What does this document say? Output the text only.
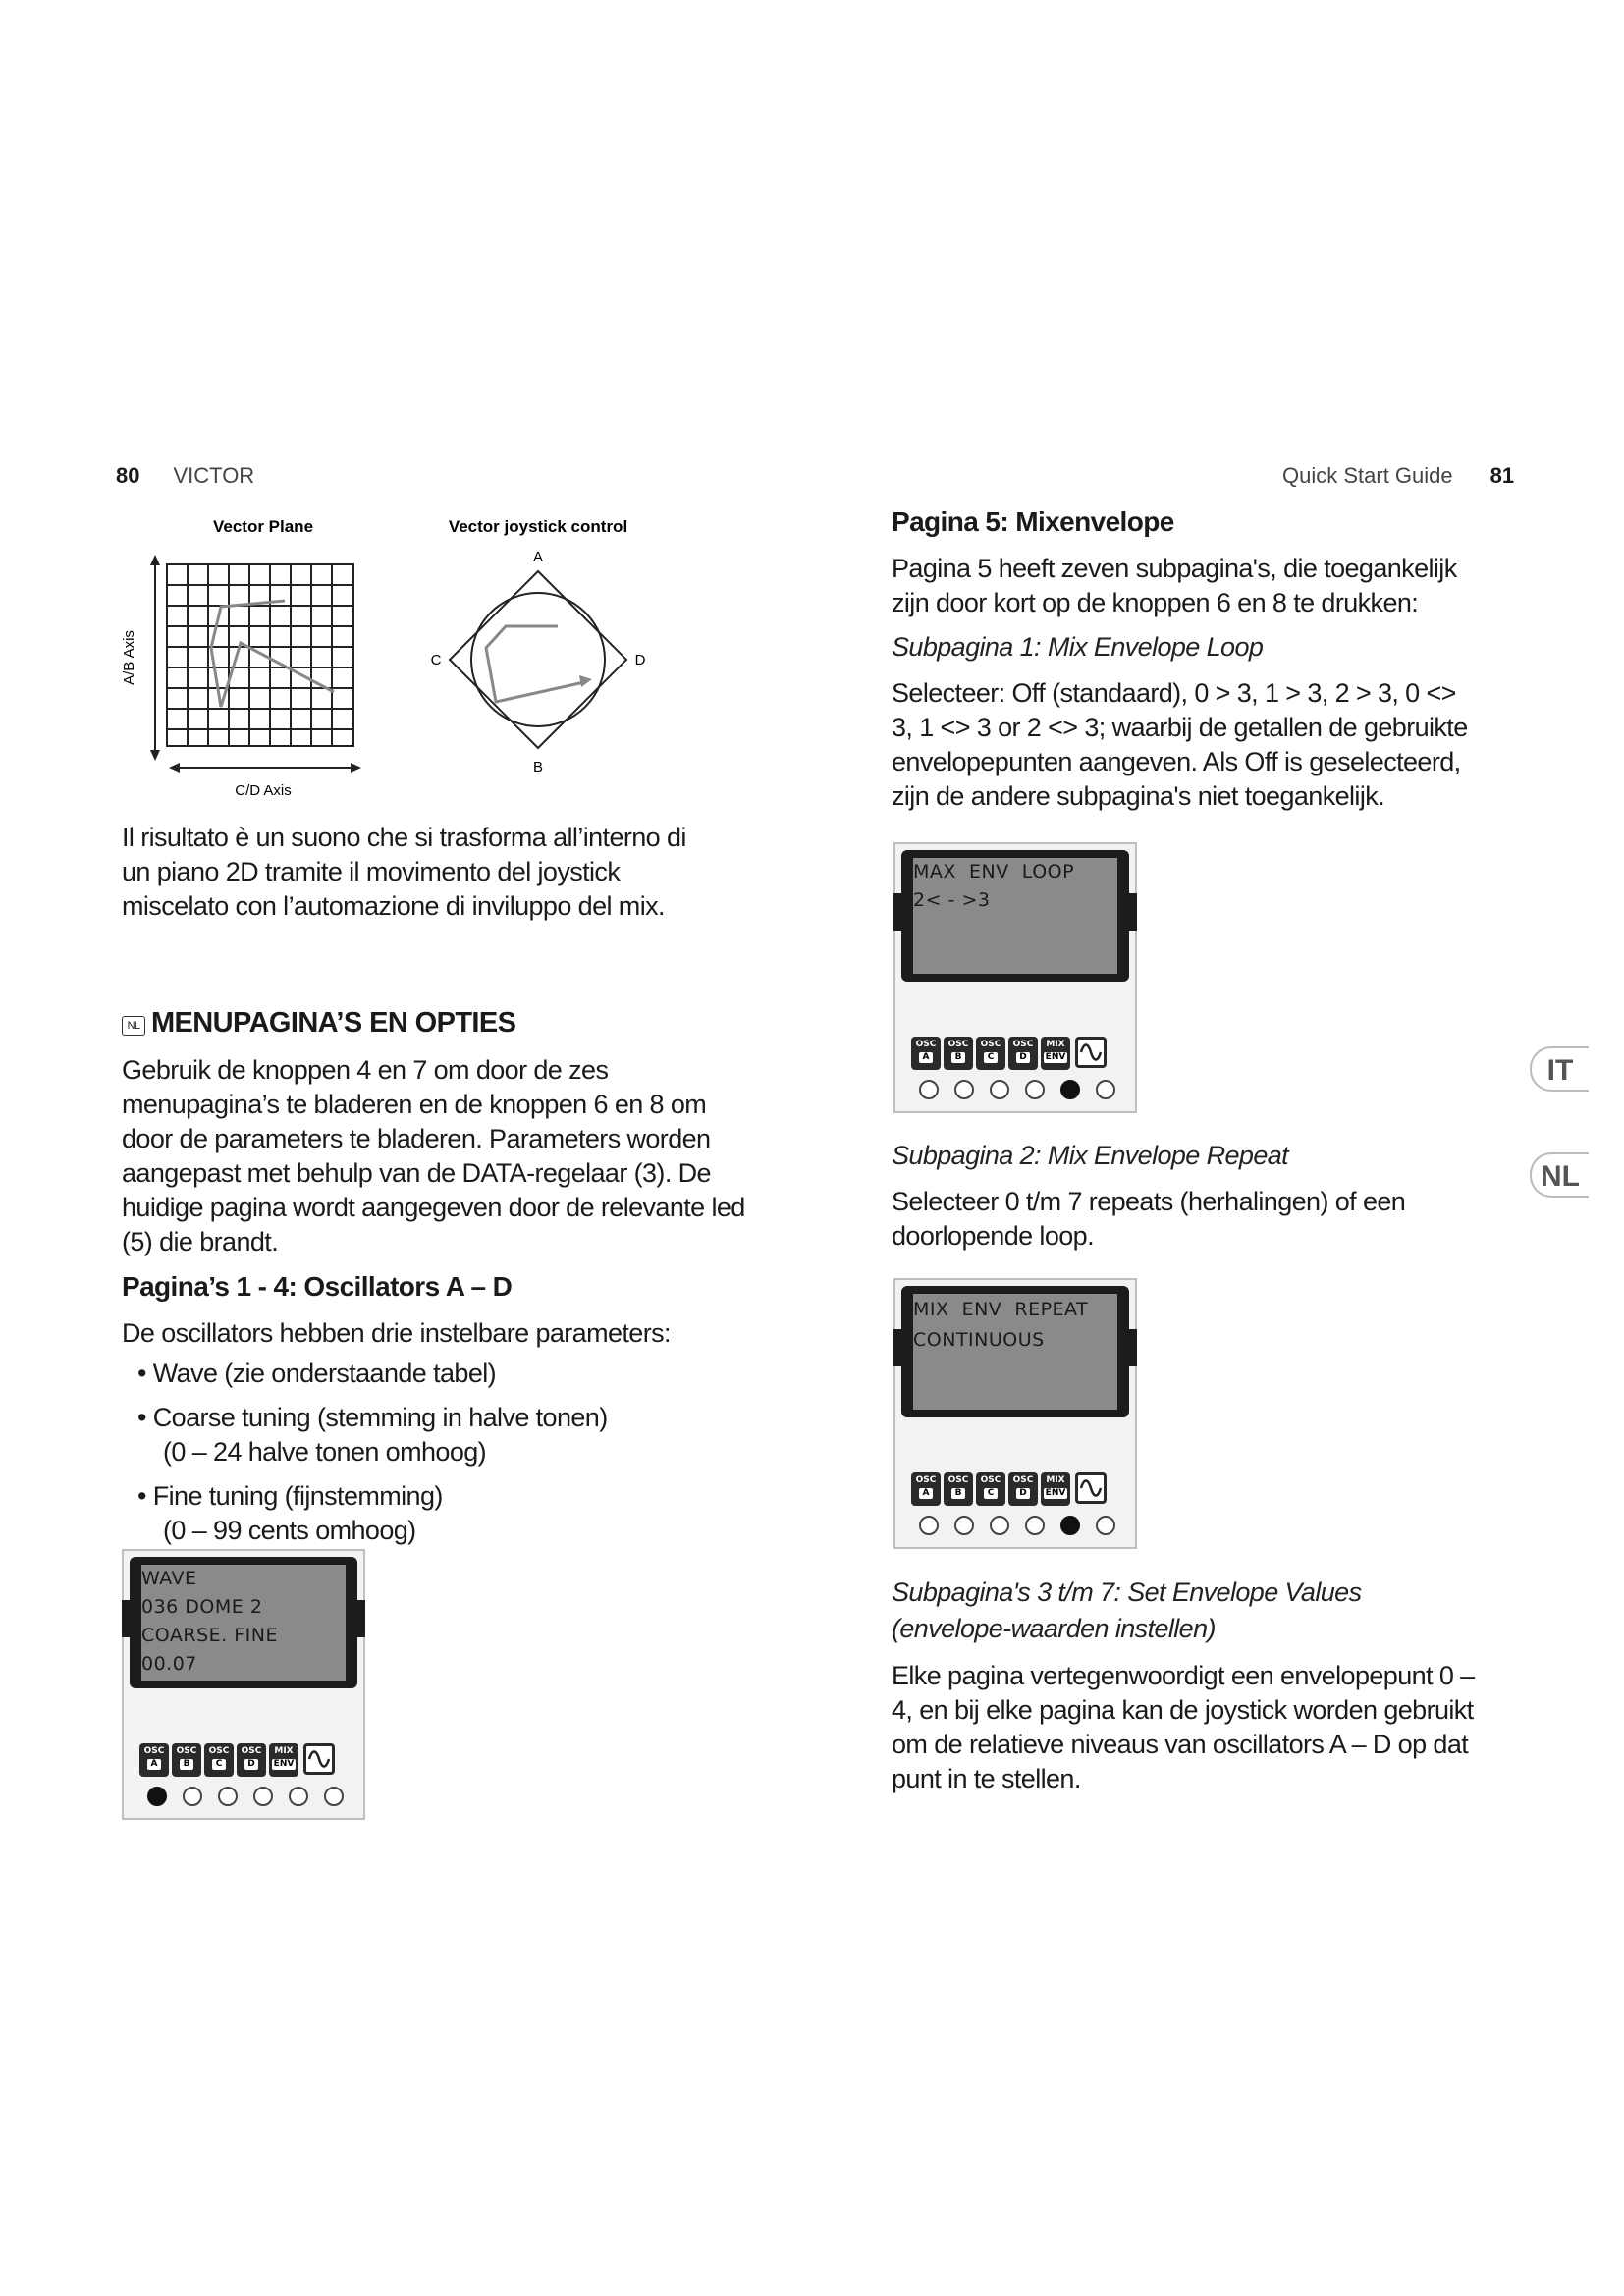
80 VICTOR	Quick Start Guide 81
Vector Plane	Vector joystick control
A/B Axis
C/D Axis
A
B
C	D

Il risultato è un suono che si trasforma all’interno di un piano 2D tramite il movimento del joystick miscelato con l’automazione di inviluppo del mix.

NL MENUPAGINA’S EN OPTIES

Gebruik de knoppen 4 en 7 om door de zes menupagina’s te bladeren en de knoppen 6 en 8 om door de parameters te bladeren. Parameters worden aangepast met behulp van de DATA-regelaar (3). De huidige pagina wordt aangegeven door de relevante led (5) die brandt.

Pagina’s 1 - 4: Oscillators A – D

De oscillators hebben drie instelbare parameters:

• Wave (zie onderstaande tabel)
• Coarse tuning (stemming in halve tonen)
(0 – 24 halve tonen omhoog)
• Fine tuning (fijnstemming)
(0 – 99 cents omhoog)
WAVE
036 DOME 2
COARSE. FINE
00.07
OSC
A
OSC
B
OSC
C
OSC
D
MIX
ENV
Pagina 5: Mixenvelope

Pagina 5 heeft zeven subpagina's, die toegankelijk zijn door kort op de knoppen 6 en 8 te drukken:

Subpagina 1: Mix Envelope Loop

Selecteer: Off (standaard), 0 > 3, 1 > 3, 2 > 3, 0 <> 3, 1 <> 3 or 2 <> 3; waarbij de getallen de gebruikte envelopepunten aangeven. Als Off is geselecteerd, zijn de andere subpagina's niet toegankelijk.

MAX  ENV  LOOP
2< - >3
OSC
A
OSC
B
OSC
C
OSC
D
MIX
ENV

Subpagina 2: Mix Envelope Repeat

Selecteer 0 t/m 7 repeats (herhalingen) of een doorlopende loop.

MIX  ENV  REPEAT
CONTINUOUS
OSC
A
OSC
B
OSC
C
OSC
D
MIX
ENV

Subpagina's 3 t/m 7: Set Envelope Values
(envelope-waarden instellen)

Elke pagina vertegenwoordigt een envelopepunt 0 – 4, en bij elke pagina kan de joystick worden gebruikt om de relatieve niveaus van oscillators A – D op dat punt in te stellen.

IT
NL
